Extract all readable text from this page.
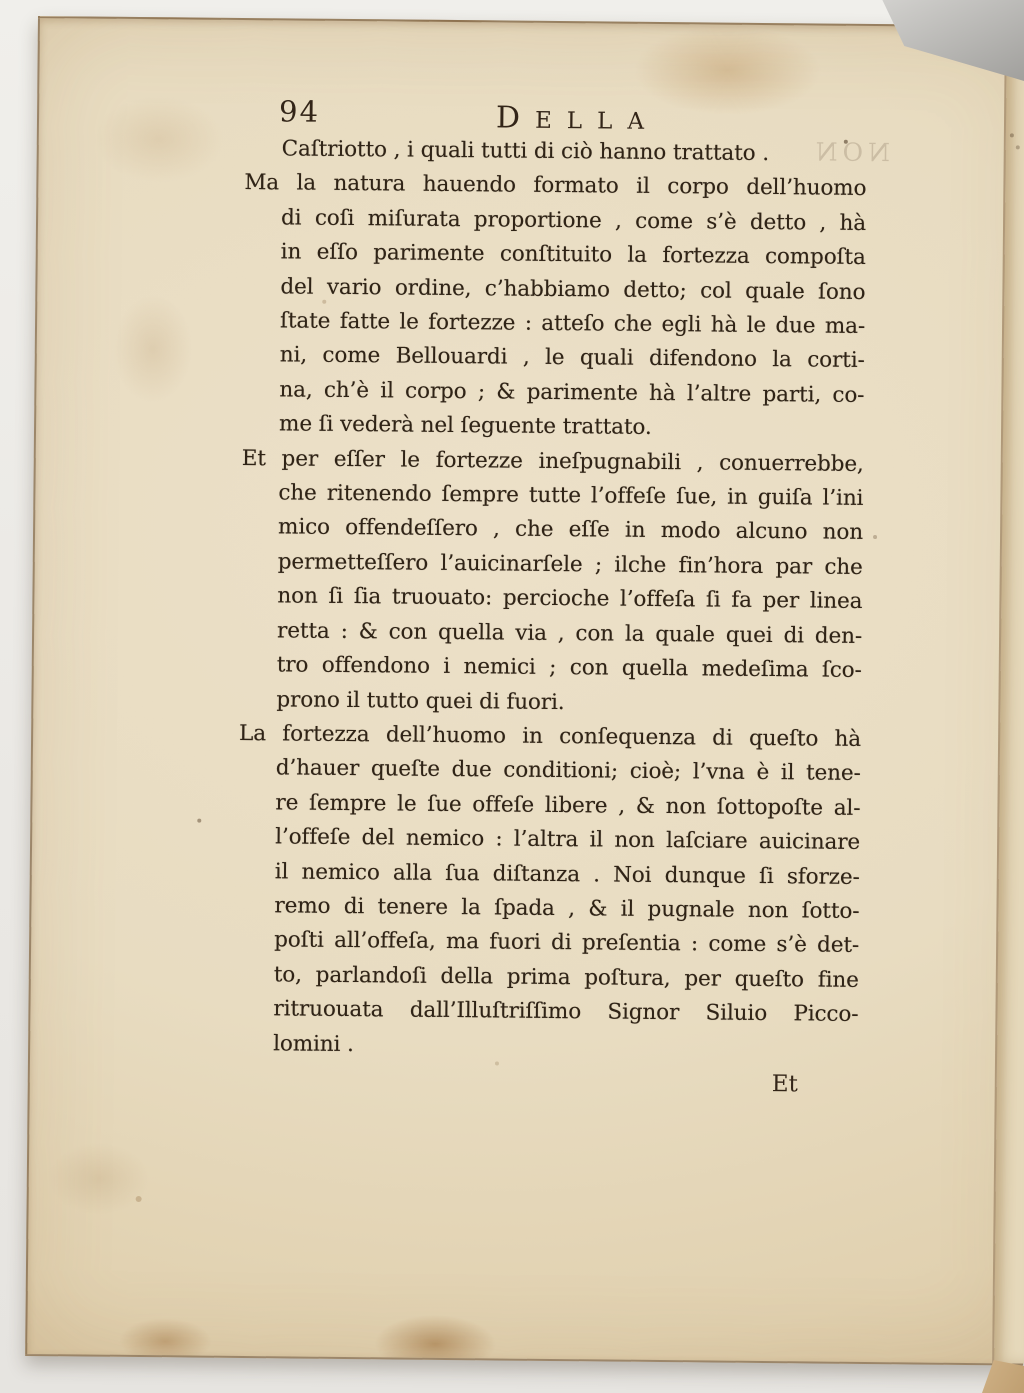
NON
94	DELLA
Caſtriotto , i quali tutti di ciò hanno trattato .
Ma la natura hauendo formato il corpo dell’huomo
di coſi miſurata proportione , come s’è detto , hà
in eſſo parimente conſtituito la fortezza compoſta
del vario ordine, c’habbiamo detto; col quale ſono
ſtate fatte le fortezze : atteſo che egli hà le due ma-
ni, come Bellouardi , le quali difendono la corti-
na, ch’è il corpo ; & parimente hà l’altre parti, co-
me ſi vederà nel ſeguente trattato.
Et per eſſer le fortezze ineſpugnabili , conuerrebbe,
che ritenendo ſempre tutte l’offeſe ſue, in guiſa l’ini
mico offendeſſero , che eſſe in modo alcuno non
permetteſſero l’auicinarſele ; ilche fin’hora par che
non ſi ſia truouato: percioche l’offeſa ſi fa per linea
retta : & con quella via , con la quale quei di den-
tro offendono i nemici ; con quella medeſima ſco-
prono il tutto quei di fuori.
La fortezza dell’huomo in conſequenza di queſto hà
d’hauer queſte due conditioni; cioè; l’vna è il tene-
re ſempre le ſue offeſe libere , & non ſottopoſte al-
l’offeſe del nemico : l’altra il non laſciare auicinare
il nemico alla ſua diſtanza . Noi dunque ſi sforze-
remo di tenere la ſpada , & il pugnale non ſotto-
poſti all’offeſa, ma fuori di preſentia : come s’è det-
to, parlandoſi della prima poſtura, per queſto fine
ritruouata dall’Illuſtriſſimo Signor Siluio Picco-
lomini .
Et
